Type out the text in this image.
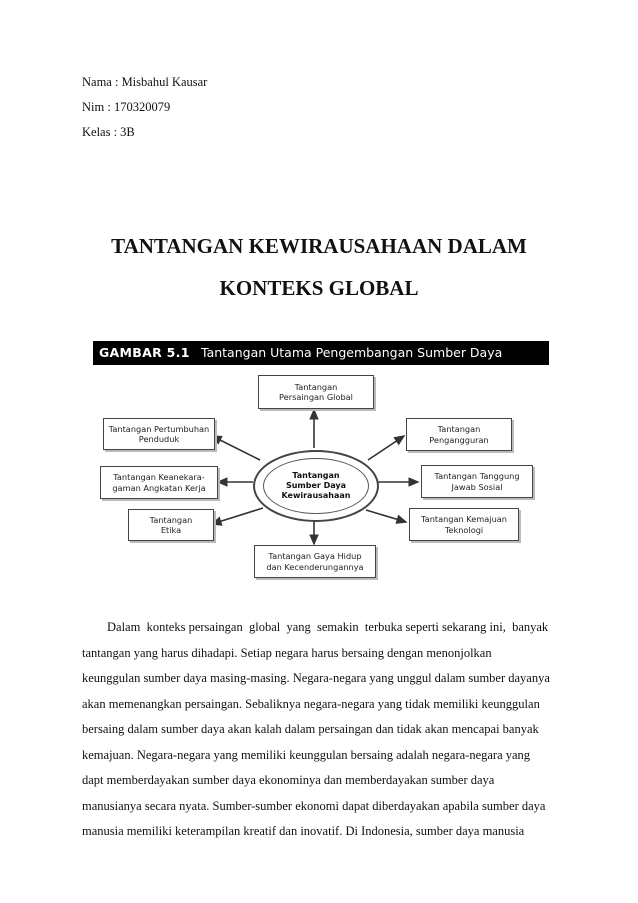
Nama : Misbahul Kausar
Nim : 170320079
Kelas : 3B
TANTANGAN KEWIRAUSAHAAN DALAM
KONTEKS GLOBAL
GAMBAR 5.1 Tantangan Utama Pengembangan Sumber Daya
Tantangan
Persaingan Global
Tantangan Pertumbuhan
Penduduk
Tantangan Keanekara-
gaman Angkatan Kerja
Tantangan
Etika
Tantangan
Pengangguran
Tantangan Tanggung
Jawab Sosial
Tantangan Kemajuan
Teknologi
Tantangan Gaya Hidup
dan Kecenderungannya
Tantangan
Sumber Daya
Kewirausahaan
Dalam  konteks persaingan  global  yang  semakin  terbuka seperti sekarang ini,  banyak
tantangan yang harus dihadapi. Setiap negara harus bersaing dengan menonjolkan
keunggulan sumber daya masing-masing. Negara-negara yang unggul dalam sumber dayanya
akan memenangkan persaingan. Sebaliknya negara-negara yang tidak memiliki keunggulan
bersaing dalam sumber daya akan kalah dalam persaingan dan tidak akan mencapai banyak
kemajuan. Negara-negara yang memiliki keunggulan bersaing adalah negara-negara yang
dapt memberdayakan sumber daya ekonominya dan memberdayakan sumber daya
manusianya secara nyata. Sumber-sumber ekonomi dapat diberdayakan apabila sumber daya
manusia memiliki keterampilan kreatif dan inovatif. Di Indonesia, sumber daya manusia
